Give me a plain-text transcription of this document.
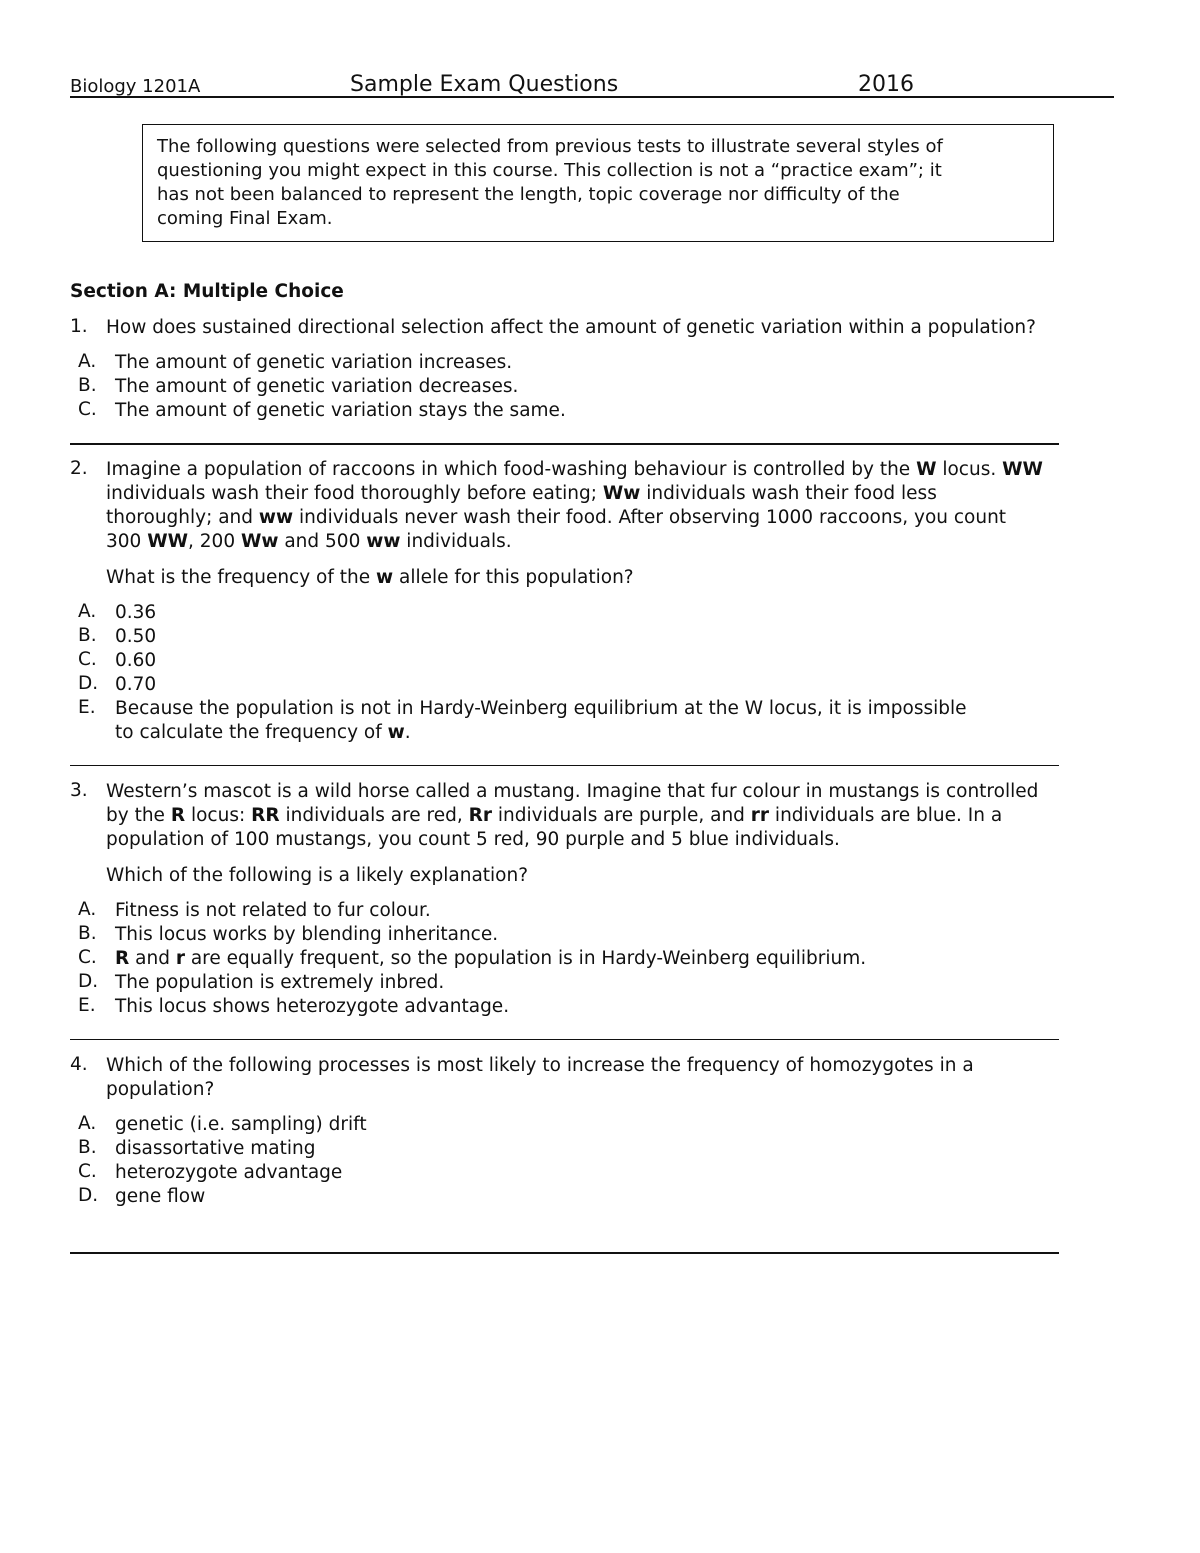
Biology 1201A	Sample Exam Questions	2016

The following questions were selected from previous tests to illustrate several styles of

questioning you might expect in this course. This collection is not a “practice exam”; it

has not been balanced to represent the length, topic coverage nor difficulty of the

coming Final Exam.

Section A: Multiple Choice
1. How does sustained directional selection affect the amount of genetic variation within a population?
A. The amount of genetic variation increases.
B. The amount of genetic variation decreases.
C. The amount of genetic variation stays the same.
2. Imagine a population of raccoons in which food-washing behaviour is controlled by the W locus. WW
individuals wash their food thoroughly before eating; Ww individuals wash their food less
thoroughly; and ww individuals never wash their food. After observing 1000 raccoons, you count
300 WW, 200 Ww and 500 ww individuals.
What is the frequency of the w allele for this population?
A. 0.36
B. 0.50
C. 0.60
D. 0.70
E. Because the population is not in Hardy-Weinberg equilibrium at the W locus, it is impossible
to calculate the frequency of w.
3. Western’s mascot is a wild horse called a mustang. Imagine that fur colour in mustangs is controlled
by the R locus: RR individuals are red, Rr individuals are purple, and rr individuals are blue. In a
population of 100 mustangs, you count 5 red, 90 purple and 5 blue individuals.
Which of the following is a likely explanation?
A. Fitness is not related to fur colour.
B. This locus works by blending inheritance.
C. R and r are equally frequent, so the population is in Hardy-Weinberg equilibrium.
D. The population is extremely inbred.
E. This locus shows heterozygote advantage.
4. Which of the following processes is most likely to increase the frequency of homozygotes in a
population?
A. genetic (i.e. sampling) drift
B. disassortative mating
C. heterozygote advantage
D. gene flow
